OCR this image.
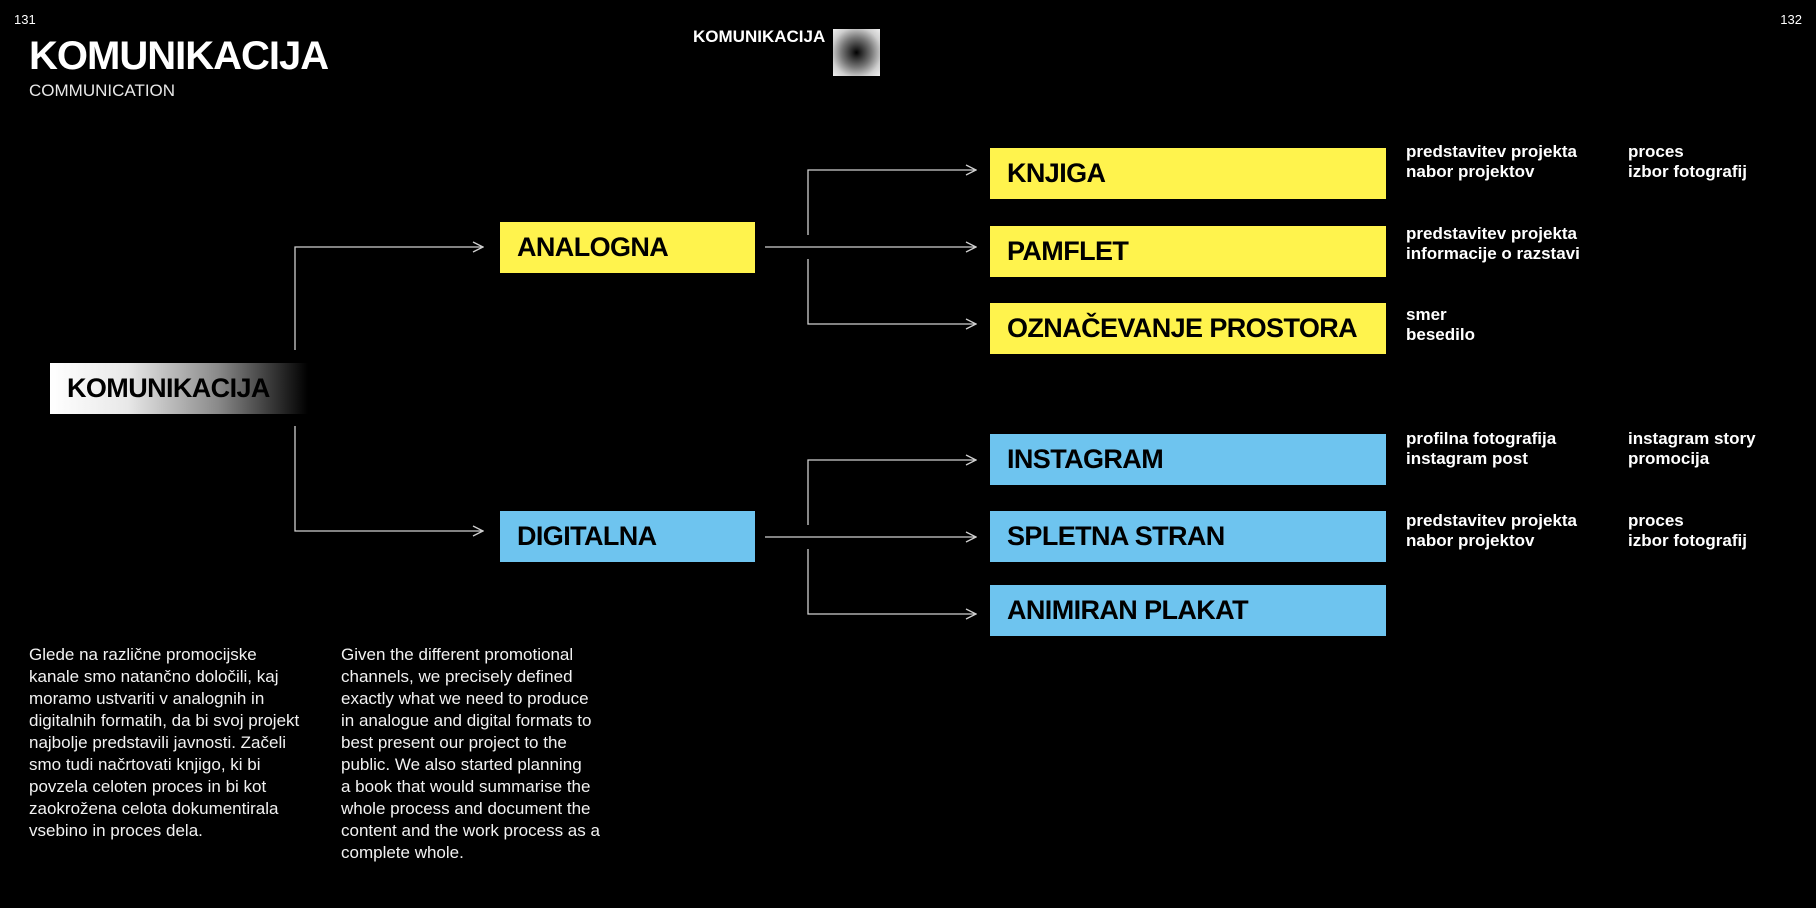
131	132
KOMUNIKACIJA
COMMUNICATION
KOMUNIKACIJA
KOMUNIKACIJA
ANALOGNA
DIGITALNA
KNJIGA
PAMFLET
OZNAČEVANJE PROSTORA
INSTAGRAM
SPLETNA STRAN
ANIMIRAN PLAKAT
predstavitev projekta
nabor projektov
proces
izbor fotografij
predstavitev projekta
informacije o razstavi
smer
besedilo
profilna fotografija
instagram post
instagram story
promocija
predstavitev projekta
nabor projektov
proces
izbor fotografij
Glede na različne promocijske
kanale smo natančno določili, kaj
moramo ustvariti v analognih in
digitalnih formatih, da bi svoj projekt
najbolje predstavili javnosti. Začeli
smo tudi načrtovati knjigo, ki bi
povzela celoten proces in bi kot
zaokrožena celota dokumentirala
vsebino in proces dela.
Given the different promotional
channels, we precisely defined
exactly what we need to produce
in analogue and digital formats to
best present our project to the
public. We also started planning
a book that would summarise the
whole process and document the
content and the work process as a
complete whole.
